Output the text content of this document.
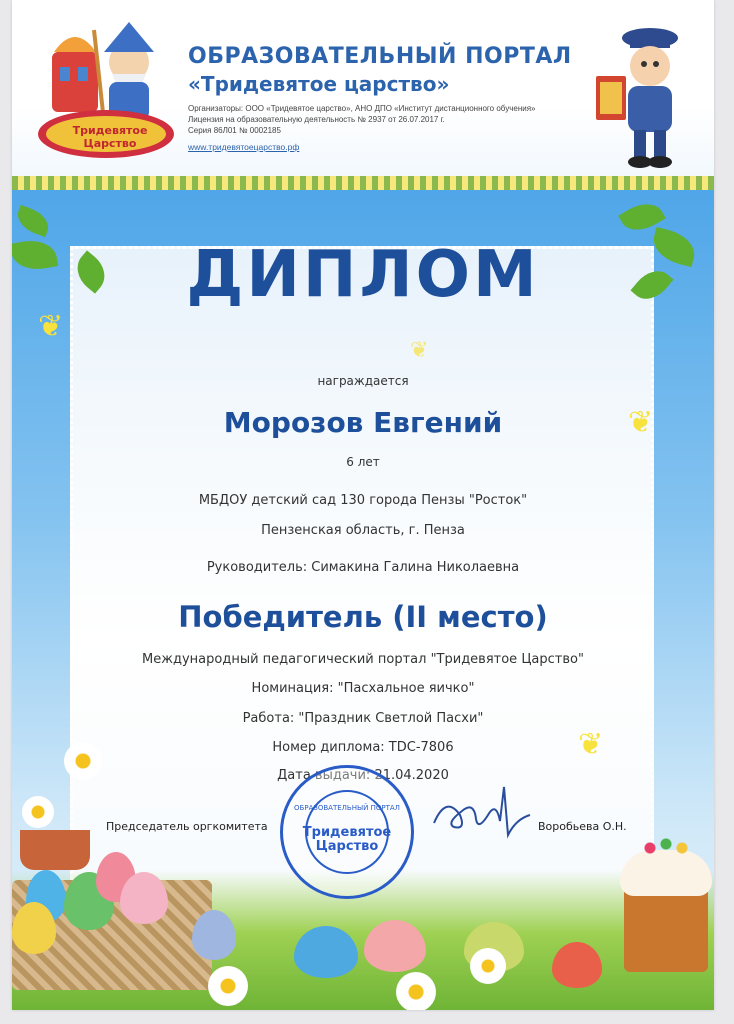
Тридевятое Царство
ОБРАЗОВАТЕЛЬНЫЙ ПОРТАЛ
«Тридевятое царство»
Организаторы: ООО «Тридевятое царство», АНО ДПО «Институт дистанционного обучения»
Лицензия на образовательную деятельность № 2937 от 26.07.2017 г.
Серия 86Л01 № 0002185
www.тридевятоецарство.рф
❦
❦
❦
❦
ДИПЛОМ
награждается
Морозов Евгений
6 лет
МБДОУ детский сад 130 города Пензы "Росток"
Пензенская область, г. Пенза
Руководитель: Симакина Галина Николаевна
Победитель (II место)
Международный педагогический портал "Тридевятое Царство"
Номинация: "Пасхальное яичко"
Работа: "Праздник Светлой Пасхи"
Номер диплома: TDC-7806
Дата выдачи: 21.04.2020
Председатель оргкомитета	Воробьева О.Н.
ОБРАЗОВАТЕЛЬНЫЙ ПОРТАЛ
Тридевятое Царство
